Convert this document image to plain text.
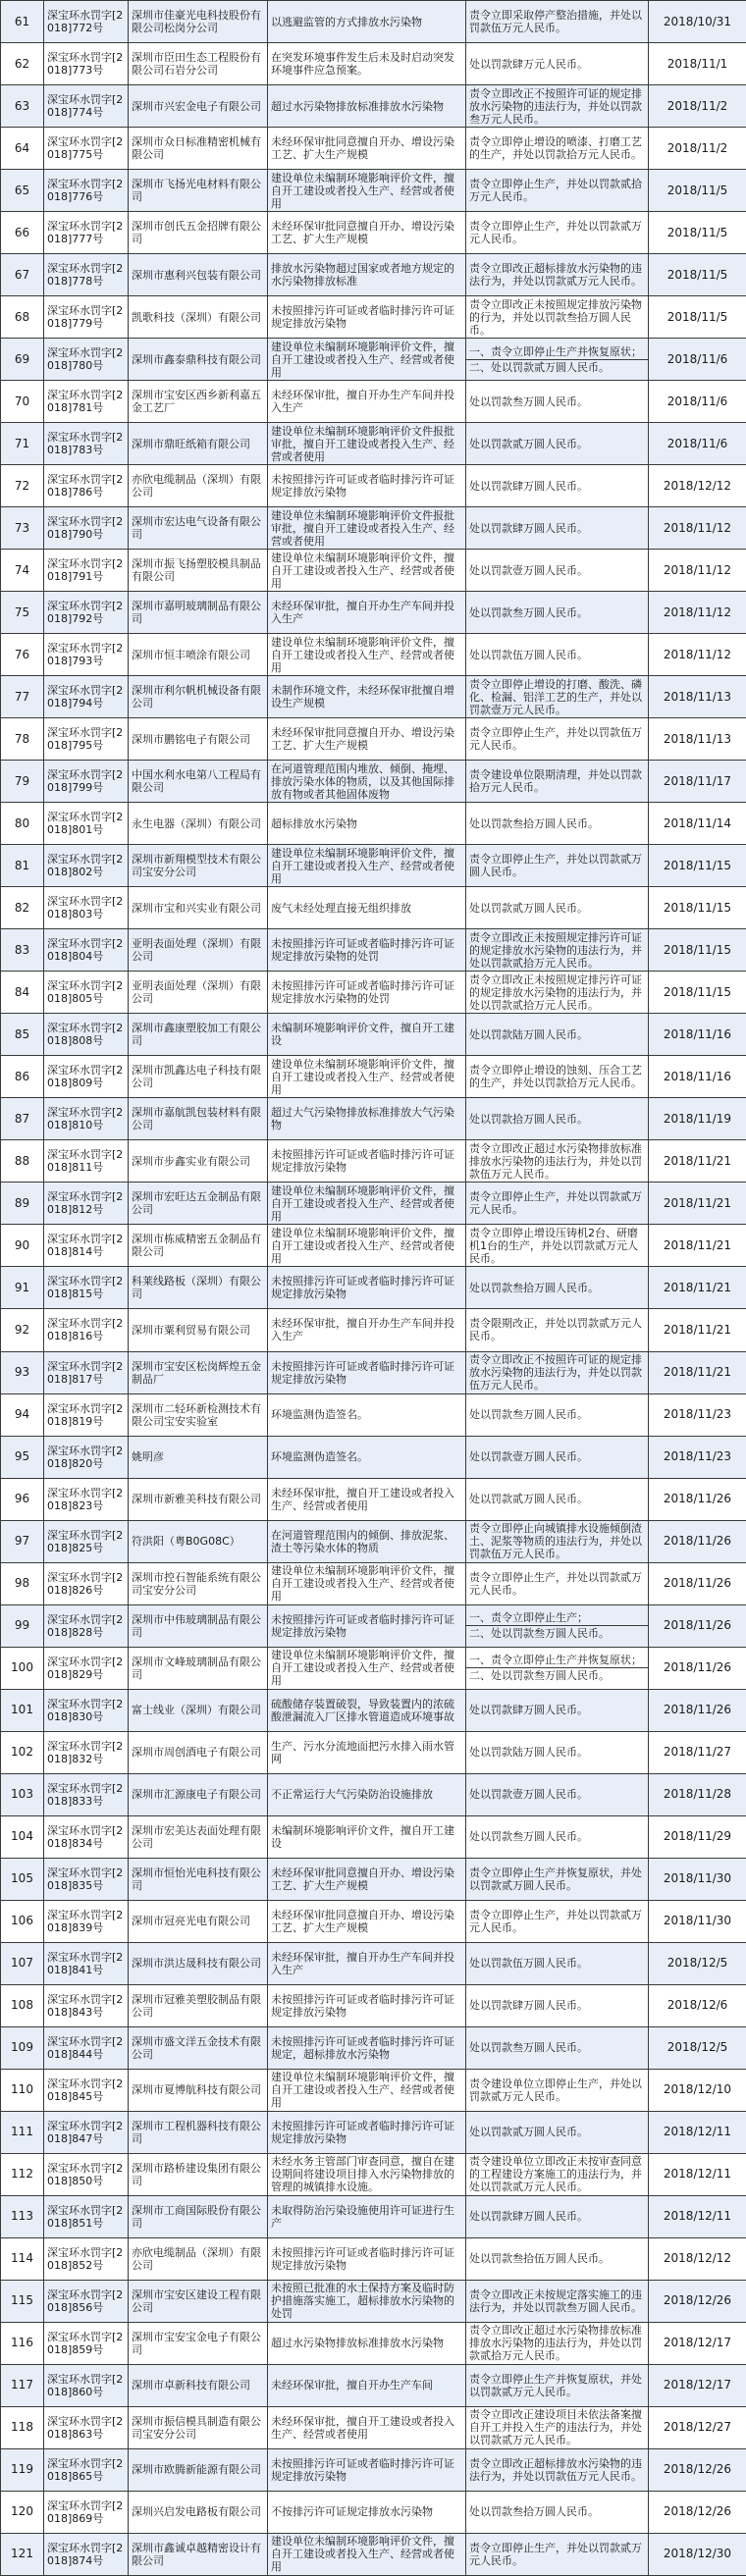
61	深宝环水罚字[2018]772号	深圳市佳豪光电科技股份有限公司松岗分公司	以逃避监管的方式排放水污染物	责令立即采取停产整治措施，并处以罚款伍万元人民币。	2018/10/31
62	深宝环水罚字[2018]773号	深圳市臣田生态工程股份有限公司石岩分公司	在突发环境事件发生后未及时启动突发环境事件应急预案。	处以罚款肆万元人民币。	2018/11/1
63	深宝环水罚字[2018]774号	深圳市兴宏金电子有限公司	超过水污染物排放标准排放水污染物	责令立即改正不按照许可证的规定排放水污染物的违法行为，并处以罚款叁万元人民币。	2018/11/2
64	深宝环水罚字[2018]775号	深圳市众日标准精密机械有限公司	未经环保审批同意擅自开办、增设污染工艺、扩大生产规模	责令立即停止增设的喷漆、打磨工艺的生产，并处以罚款拾万元人民币。	2018/11/2
65	深宝环水罚字[2018]776号	深圳市飞扬光电材料有限公司	建设单位未编制环境影响评价文件，擅自开工建设或者投入生产、经营或者使用	责令立即停止生产，并处以罚款贰拾万元人民币。	2018/11/5
66	深宝环水罚字[2018]777号	深圳市创氏五金招牌有限公司	未经环保审批同意擅自开办、增设污染工艺、扩大生产规模	责令立即停止生产，并处以罚款贰万元人民币。	2018/11/5
67	深宝环水罚字[2018]778号	深圳市惠利兴包装有限公司	排放水污染物超过国家或者地方规定的水污染物排放标准	责令立即改正超标排放水污染物的违法行为，并处以罚款贰万元人民币。	2018/11/5
68	深宝环水罚字[2018]779号	凯歌科技（深圳）有限公司	未按照排污许可证或者临时排污许可证规定排放污染物	责令立即改正未按照规定排放污染物的行为，并处以罚款叁拾万圆人民币。	2018/11/5
69	深宝环水罚字[2018]780号	深圳市鑫泰鼎科技有限公司	建设单位未编制环境影响评价文件，擅自开工建设或者投入生产、经营或者使用	一、责令立即停止生产并恢复原状；
二、处以罚款贰万圆人民币。	2018/11/6
70	深宝环水罚字[2018]781号	深圳市宝安区西乡新利嘉五金工艺厂	未经环保审批，擅自开办生产车间并投入生产	处以罚款叁万圆人民币。	2018/11/6
71	深宝环水罚字[2018]783号	深圳市鼎旺纸箱有限公司	建设单位未编制环境影响评价文件报批审批，擅自开工建设或者投入生产、经营或者使用	处以罚款贰万圆人民币。	2018/11/6
72	深宝环水罚字[2018]786号	亦欣电缆制品（深圳）有限公司	未按照排污许可证或者临时排污许可证规定排放污染物	处以罚款肆万圆人民币。	2018/12/12
73	深宝环水罚字[2018]790号	深圳市宏达电气设备有限公司	建设单位未编制环境影响评价文件报批审批，擅自开工建设或者投入生产、经营或者使用	处以罚款肆万圆人民币。	2018/11/12
74	深宝环水罚字[2018]791号	深圳市振飞扬塑胶模具制品有限公司	建设单位未编制环境影响评价文件，擅自开工建设或者投入生产、经营或者使用	处以罚款壹万圆人民币。	2018/11/12
75	深宝环水罚字[2018]792号	深圳市嘉明玻璃制品有限公司	未经环保审批，擅自开办生产车间并投入生产	处以罚款叁万圆人民币。	2018/11/12
76	深宝环水罚字[2018]793号	深圳市恒丰喷涂有限公司	建设单位未编制环境影响评价文件，擅自开工建设或者投入生产、经营或者使用	处以罚款伍万圆人民币。	2018/11/12
77	深宝环水罚字[2018]794号	深圳市利尔帆机械设备有限公司	未制作环境文件，未经环保审批擅自增设生产规模	责令立即停止增设的打磨、酸洗、磷化、检漏、铝洋工艺的生产，并处以罚款壹万元人民币。	2018/11/13
78	深宝环水罚字[2018]795号	深圳市鹏铭电子有限公司	未经环保审批同意擅自开办、增设污染工艺、扩大生产规模	责令立即停止生产，并处以罚款伍万元人民币。	2018/11/13
79	深宝环水罚字[2018]799号	中国水利水电第八工程局有限公司	在河道管理范围内堆放、倾倒、掩埋、排放污染水体的物质，以及其他国际排放有物或者其他固体废物	责令建设单位限期清理，并处以罚款拾万元人民币。	2018/11/17
80	深宝环水罚字[2018]801号	永生电器（深圳）有限公司	超标排放水污染物	处以罚款叁拾万圆人民币。	2018/11/14
81	深宝环水罚字[2018]802号	深圳市新翔模型技术有限公司宝安分公司	建设单位未编制环境影响评价文件，擅自开工建设或者投入生产、经营或者使用	责令立即停止生产，并处以罚款贰万圆人民币。	2018/11/15
82	深宝环水罚字[2018]803号	深圳市宝和兴实业有限公司	废气未经处理直接无组织排放	处以罚款贰万圆人民币。	2018/11/15
83	深宝环水罚字[2018]804号	亚明表面处理（深圳）有限公司	未按照排污许可证或者临时排污许可证规定排放污染物的处罚	责令立即改正未按照规定排污许可证的规定排放水污染物的违法行为，并处以罚款贰拾万元人民币。	2018/11/15
84	深宝环水罚字[2018]805号	亚明表面处理（深圳）有限公司	未按照排污许可证或者临时排污许可证规定排放水污染物的处罚	责令立即改正未按照规定排污许可证的规定排放水污染物的违法行为，并处以罚款贰拾万元人民币。	2018/11/15
85	深宝环水罚字[2018]808号	深圳市鑫康塑胶加工有限公司	未编制环境影响评价文件，擅自开工建设	处以罚款陆万圆人民币。	2018/11/16
86	深宝环水罚字[2018]809号	深圳市凯鑫达电子科技有限公司	建设单位未编制环境影响评价文件，擅自开工建设或者投入生产、经营或者使用	责令立即停止增设的蚀刻、压合工艺的生产，并处以罚款拾万元人民币。	2018/11/16
87	深宝环水罚字[2018]810号	深圳市嘉航凯包装材料有限公司	超过大气污染物排放标准排放大气污染物	处以罚款拾万圆人民币。	2018/11/19
88	深宝环水罚字[2018]811号	深圳市步鑫实业有限公司	未按照排污许可证或者临时排污许可证规定排放污染物	责令立即改正超过水污染物排放标准排放水污染物的违法行为，并处以罚款伍万元人民币。	2018/11/21
89	深宝环水罚字[2018]812号	深圳市宏旺达五金制品有限公司	建设单位未编制环境影响评价文件，擅自开工建设或者投入生产、经营或者使用	责令立即停止生产，并处以罚款贰万元人民币。	2018/11/21
90	深宝环水罚字[2018]814号	深圳市栋威精密五金制品有限公司	建设单位未编制环境影响评价文件，擅自开工建设或者投入生产、经营或者使用	责令立即停止增设压铸机2台、研磨机1台的生产，并处以罚款贰万元人民币。	2018/11/21
91	深宝环水罚字[2018]815号	科莱线路板（深圳）有限公司	未按照排污许可证或者临时排污许可证规定排放污染物	处以罚款叁拾万圆人民币。	2018/11/21
92	深宝环水罚字[2018]816号	深圳市粟利贸易有限公司	未经环保审批，擅自开办生产车间并投入生产	责令限期改正，并处以罚款贰万元人民币。	2018/11/21
93	深宝环水罚字[2018]817号	深圳市宝安区松岗辉煌五金制品厂	未按照排污许可证或者临时排污许可证规定排放污染物	责令立即改正不按照许可证的规定排放水污染物的违法行为，并处以罚款伍万元人民币。	2018/11/21
94	深宝环水罚字[2018]819号	深圳市二轻环新检测技术有限公司宝安实验室	环境监测伪造签名。	处以罚款叁万圆人民币。	2018/11/23
95	深宝环水罚字[2018]820号	姚明彦	环境监测伪造签名。	处以罚款壹万圆人民币。	2018/11/23
96	深宝环水罚字[2018]823号	深圳市新雅美科技有限公司	未经环保审批，擅自开工建设或者投入生产、经营或者使用	处以罚款贰万圆人民币。	2018/11/26
97	深宝环水罚字[2018]825号	符洪阳（粤B0G08C）	在河道管理范围内的倾倒、排放泥浆、渣土等污染水体的物质	责令立即停止向城镇排水设施倾倒渣土、泥浆等物质的违法行为，并处以罚款伍万元人民币。	2018/11/26
98	深宝环水罚字[2018]826号	深圳市控石智能系统有限公司宝安分公司	建设单位未编制环境影响评价文件，擅自开工建设或者投入生产、经营或者使用	责令立即停止生产，并处以罚款贰万元人民币。	2018/11/26
99	深宝环水罚字[2018]828号	深圳市中伟玻璃制品有限公司	未按照排污许可证或者临时排污许可证规定排放污染物	一、责令立即停止生产；
二、处以罚款叁万圆人民币。	2018/11/26
100	深宝环水罚字[2018]829号	深圳市文峰玻璃制品有限公司	建设单位未编制环境影响评价文件，擅自开工建设或者投入生产、经营或者使用	一、责令立即停止生产并恢复原状；
二、处以罚款叁万圆人民币。	2018/11/26
101	深宝环水罚字[2018]830号	富士线业（深圳）有限公司	硫酸储存装置破裂，导致装置内的浓硫酸泄漏流入厂区排水管道造成环境事故	处以罚款肆万圆人民币。	2018/11/26
102	深宝环水罚字[2018]832号	深圳市周创酒电子有限公司	生产、污水分流地面把污水排入雨水管网	处以罚款陆万圆人民币。	2018/11/27
103	深宝环水罚字[2018]833号	深圳市汇源康电子有限公司	不正常运行大气污染防治设施排放	处以罚款壹万圆人民币。	2018/11/28
104	深宝环水罚字[2018]834号	深圳市宏美达表面处理有限公司	未编制环境影响评价文件，擅自开工建设	处以罚款叁万圆人民币。	2018/11/29
105	深宝环水罚字[2018]835号	深圳市恒怡光电科技有限公司	未经环保审批同意擅自开办、增设污染工艺、扩大生产规模	责令立即停止生产并恢复原状，并处以罚款贰万圆人民币。	2018/11/30
106	深宝环水罚字[2018]839号	深圳市冠亮光电有限公司	未经环保审批同意擅自开办、增设污染工艺、扩大生产规模	责令立即停止生产，并处以罚款贰万元人民币。	2018/11/30
107	深宝环水罚字[2018]841号	深圳市洪达晟科技有限公司	未经环保审批，擅自开办生产车间并投入生产	处以罚款伍万圆人民币。	2018/12/5
108	深宝环水罚字[2018]843号	深圳市冠雅美塑胶制品有限公司	未按照排污许可证或者临时排污许可证规定排放污染物	处以罚款肆万圆人民币。	2018/12/6
109	深宝环水罚字[2018]844号	深圳市盛文洋五金技术有限公司	未按照排污许可证或者临时排污许可证规定，超标排放水污染物	处以罚款叁万圆人民币。	2018/12/5
110	深宝环水罚字[2018]845号	深圳市夏博航科技有限公司	建设单位未编制环境影响评价文件，擅自开工建设或者投入生产、经营或者使用	责令建设单位立即停止生产，并处以罚款贰万元人民币。	2018/12/10
111	深宝环水罚字[2018]847号	深圳市工程机器科技有限公司	未按照排污许可证或者临时排污许可证规定排放污染物	处以罚款贰万圆人民币。	2018/12/11
112	深宝环水罚字[2018]850号	深圳市路桥建设集团有限公司	未经水务主管部门审查同意，擅自在建设期间将建设项目排入水污染物排放的管理的城镇排水设施。	责令建设单位立即改正未按审查同意的工程建设方案施工的违法行为，并处以罚款贰万元人民币。	2018/12/11
113	深宝环水罚字[2018]851号	深圳市工商国际股份有限公司	未取得防治污染设施使用许可证进行生产	处以罚款肆万圆人民币。	2018/12/11
114	深宝环水罚字[2018]852号	亦欣电缆制品（深圳）有限公司	未按照排污许可证或者临时排污许可证规定排放污染物	处以罚款叁拾伍万圆人民币。	2018/12/12
115	深宝环水罚字[2018]856号	深圳市宝安区建设工程有限公司	未按照已批准的水土保持方案及临时防护措施落实施工，超标排放水污染物的处罚	责令立即改正未按规定落实施工的违法行为，并处以罚款叁万圆人民币。	2018/12/26
116	深宝环水罚字[2018]859号	深圳市宝安宝金电子有限公司	超过水污染物排放标准排放水污染物	责令立即改正超过水污染物排放标准排放水污染物的违法行为，并处以罚款贰拾万元人民币。	2018/12/17
117	深宝环水罚字[2018]860号	深圳市卓新科技有限公司	未经环保审批，擅自开办生产车间	责令立即停止生产并恢复原状，并处以罚款贰万元人民币。	2018/12/17
118	深宝环水罚字[2018]863号	深圳市振信模具制造有限公司宝安分公司	未经环保审批，擅自开工建设或者投入生产、经营或者使用	责令立即改正建设项目未依法备案擅自开工并投入生产的违法行为，并处以罚款贰万元人民币。	2018/12/27
119	深宝环水罚字[2018]865号	深圳市欧腾新能源有限公司	未按照排污许可证或者临时排污许可证规定排放污染物	责令立即改正超标排放水污染物的违法行为，并处以罚款伍万元人民币。	2018/12/26
120	深宝环水罚字[2018]869号	深圳兴启发电路板有限公司	不按排污许可证规定排放水污染物	处以罚款叁拾万圆人民币。	2018/12/26
121	深宝环水罚字[2018]874号	深圳市鑫诚卓越精密设计有限公司	建设单位未编制环境影响评价文件，擅自开工建设或者投入生产、经营或者使用	责令立即停止生产，并处以罚款贰万元人民币。	2018/12/30
